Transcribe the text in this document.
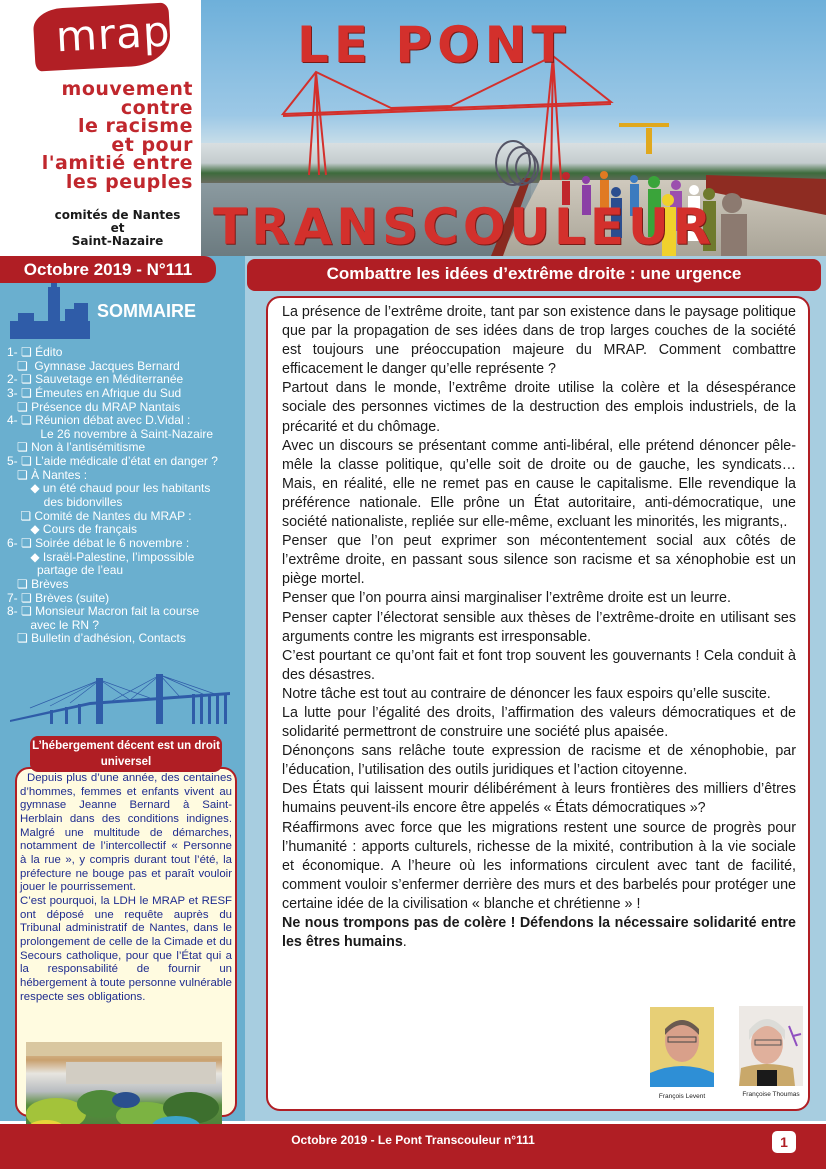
mrap
mouvement
contre
le racisme
et pour
l'amitié entre
les peuples
comités de Nantes
et
Saint-Nazaire
LE PONT
TRANSCOULEUR
Octobre 2019 - N°111
SOMMAIRE
1- ❏ Édito
❏  Gymnase Jacques Bernard
2- ❏ Sauvetage en Méditerranée
3- ❏ Émeutes en Afrique du Sud
❏ Présence du MRAP Nantais
4- ❏ Réunion débat avec D.Vidal :
Le 26 novembre à Saint-Nazaire
❏ Non à l’antisémitisme
5- ❏ L’aide médicale d’état en danger ?
❏ À Nantes :
◆ un été chaud pour les habitants
des bidonvilles
❏ Comité de Nantes du MRAP :
◆ Cours de français
6- ❏ Soirée débat le 6 novembre :
◆ Israël-Palestine, l’impossible
partage de l’eau
❏ Brèves
7- ❏ Brèves (suite)
8- ❏ Monsieur Macron fait la course
avec le RN ?
❏ Bulletin d’adhésion, Contacts
L’hébergement décent est un droit universel

Depuis plus d’une année, des centaines d’hommes, femmes et enfants vivent au gymnase Jeanne Bernard à Saint-Herblain dans des conditions indignes. Malgré une multitude de démarches, notamment de l’intercollectif « Personne à la rue », y compris durant tout l’été, la préfecture ne bouge pas et paraît vouloir jouer le pourrissement.

C’est pourquoi, la LDH le MRAP et RESF ont déposé une requête auprès du Tribunal administratif de Nantes, dans le prolongement de celle de la Cimade et du Secours catholique, pour que l’État qui a la responsabilité de fournir un hébergement à toute personne vulnérable respecte ses obligations.

Combattre les idées d’extrême droite : une urgence

La présence de l’extrême droite, tant par son existence dans le paysage politique que par la propagation de ses idées dans de trop larges couches de la société est toujours une préoccupation majeure du MRAP. Comment combattre efficacement le danger qu’elle représente ?

Partout dans le monde, l’extrême droite utilise la colère et la désespérance sociale des personnes victimes de la destruction des emplois industriels, de la précarité et du chômage.

Avec un discours se présentant comme anti-libéral, elle prétend dénoncer pêle-mêle la classe politique, qu’elle soit de droite ou de gauche, les syndicats… Mais, en réalité, elle ne remet pas en cause le capitalisme. Elle revendique la préférence nationale. Elle prône un État autoritaire, anti-démocratique, une société nationaliste, repliée sur elle-même, excluant les minorités, les migrants,.

Penser que l’on peut exprimer son mécontentement social aux côtés de l’extrême droite, en passant sous silence son racisme et sa xénophobie est un piège mortel.

Penser que l’on pourra ainsi marginaliser l’extrême droite est un leurre.

Penser capter l’électorat sensible aux thèses de l’extrême-droite en utilisant ses arguments contre les migrants est irresponsable.

C’est pourtant ce qu’ont fait et font trop souvent les gouvernants ! Cela conduit à des désastres.

Notre tâche est tout au contraire de dénoncer les faux espoirs qu’elle suscite.

La lutte pour l’égalité des droits, l’affirmation des valeurs démocratiques et de solidarité permettront de construire une société plus apaisée.

Dénonçons sans relâche toute expression de racisme et de xénophobie, par l’éducation, l’utilisation des outils juridiques et l’action citoyenne.

Des États qui laissent mourir délibérément à leurs frontières des milliers d’êtres humains peuvent-ils encore être appelés « États démocratiques »?

Réaffirmons avec force que les migrations restent une source de progrès pour l’humanité : apports culturels, richesse de la mixité, contribution à la vie sociale et économique. A l’heure où les informations circulent avec tant de facilité, comment vouloir s’enfermer derrière des murs et des barbelés pour protéger une certaine idée de la civilisation « blanche et chrétienne » !

Ne nous trompons pas de colère ! Défendons la nécessaire solidarité entre les êtres humains.

François Levent	Françoise Thoumas
Octobre 2019 - Le Pont Transcouleur n°111	1
